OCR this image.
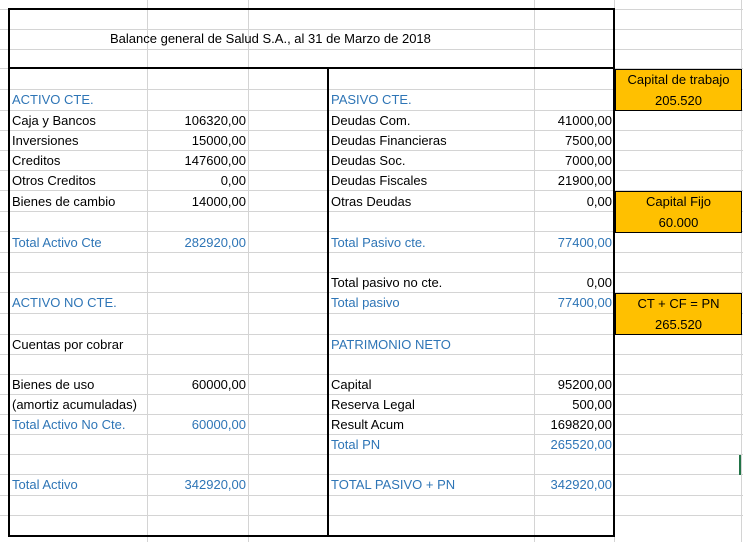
Balance general de Salud S.A., al 31 de Marzo de 2018
ACTIVO CTE.
Caja y Bancos	106320,00
Inversiones	15000,00
Creditos	147600,00
Otros Creditos	0,00
Bienes de cambio	14000,00
Total Activo Cte	282920,00
ACTIVO NO CTE.
Cuentas por cobrar
Bienes de uso	60000,00
(amortiz acumuladas)
Total Activo No Cte.	60000,00
Total Activo	342920,00
PASIVO CTE.
Deudas Com.	41000,00
Deudas Financieras	7500,00
Deudas Soc.	7000,00
Deudas Fiscales	21900,00
Otras Deudas	0,00
Total Pasivo cte.	77400,00
Total pasivo no cte.	0,00
Total pasivo	77400,00
PATRIMONIO NETO
Capital	95200,00
Reserva Legal	500,00
Result Acum	169820,00
Total PN	265520,00
TOTAL PASIVO + PN	342920,00
Capital de trabajo
205.520
Capital Fijo
60.000
CT + CF = PN
265.520
